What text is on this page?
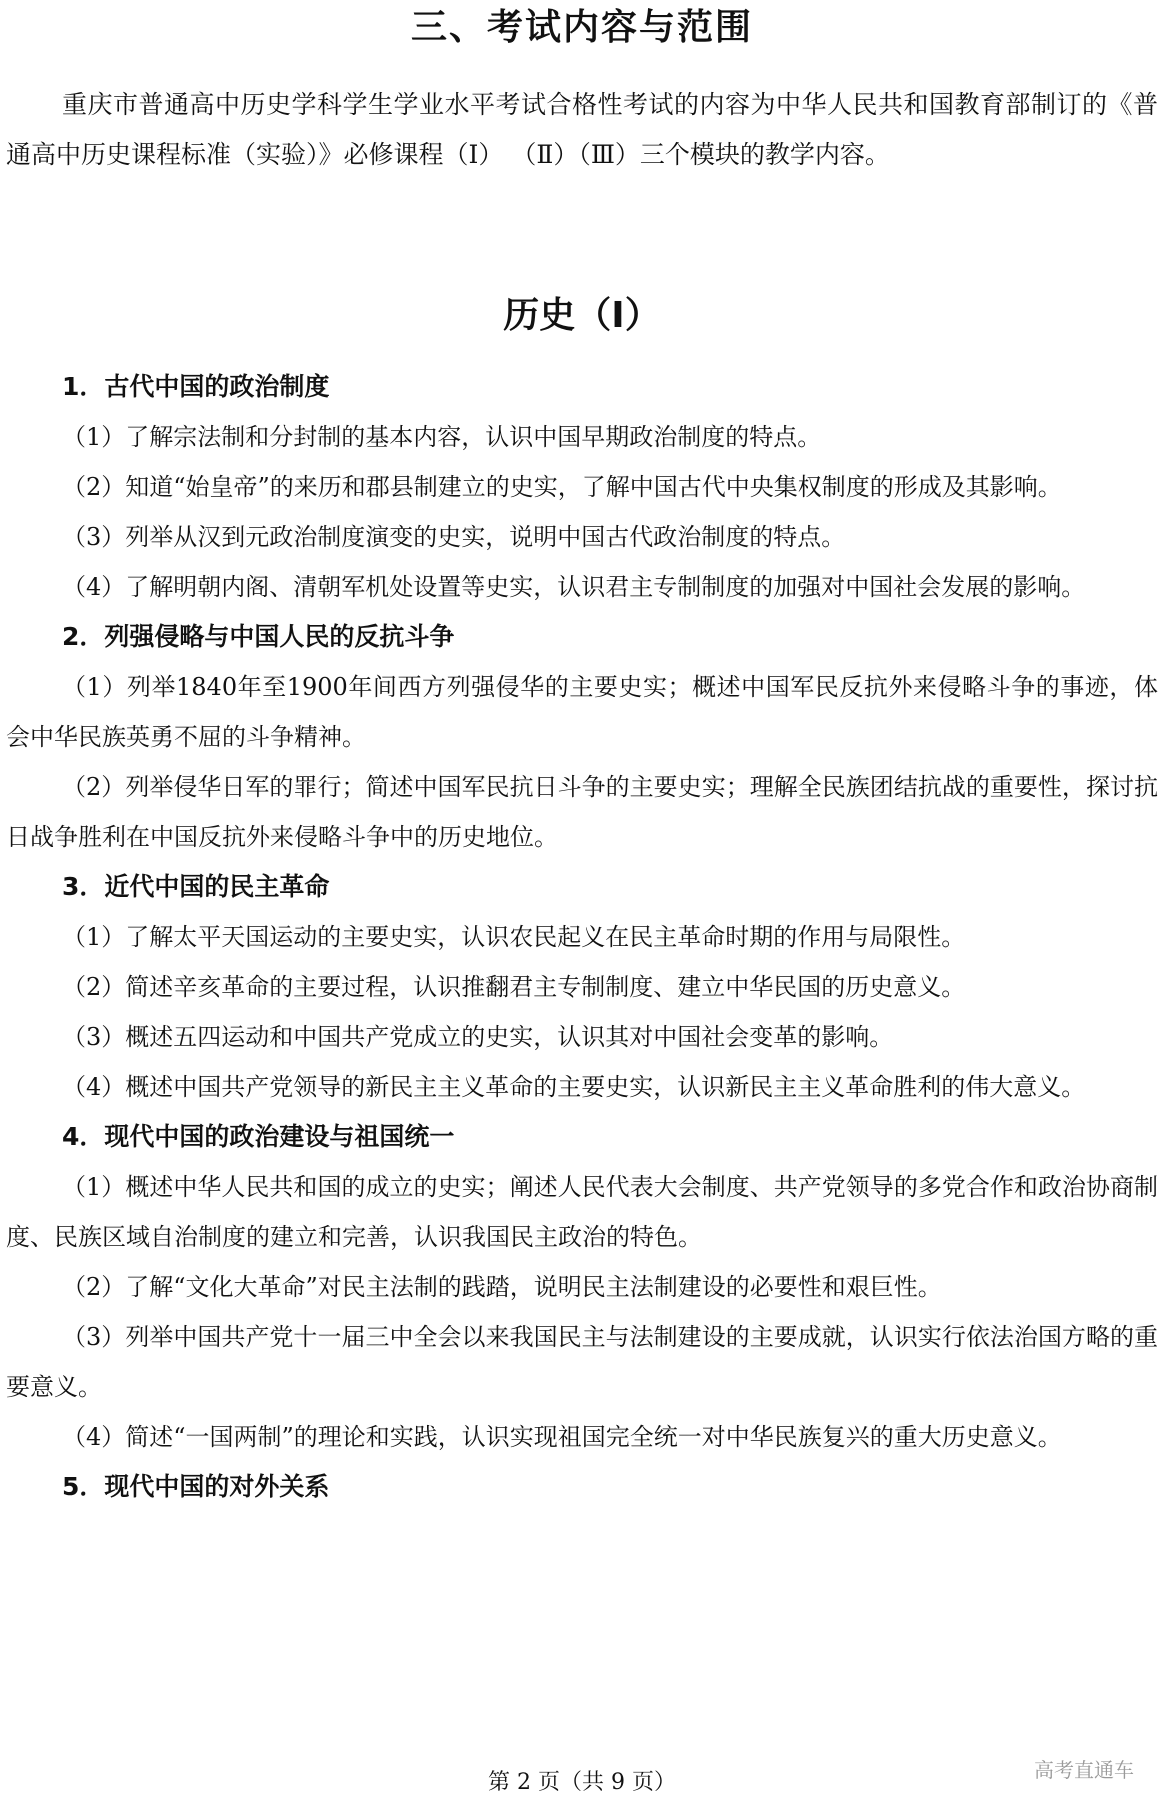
三、考试内容与范围

重庆市普通高中历史学科学生学业水平考试合格性考试的内容为中华人民共和国教育部制订的《普通高中历史课程标准（实验）》必修课程（Ⅰ） （Ⅱ）（Ⅲ）三个模块的教学内容。

历史（Ⅰ）

1．古代中国的政治制度

（1）了解宗法制和分封制的基本内容，认识中国早期政治制度的特点。

（2）知道“始皇帝”的来历和郡县制建立的史实，了解中国古代中央集权制度的形成及其影响。

（3）列举从汉到元政治制度演变的史实，说明中国古代政治制度的特点。

（4）了解明朝内阁、清朝军机处设置等史实，认识君主专制制度的加强对中国社会发展的影响。

2．列强侵略与中国人民的反抗斗争

（1）列举1840年至1900年间西方列强侵华的主要史实；概述中国军民反抗外来侵略斗争的事迹，体会中华民族英勇不屈的斗争精神。

（2）列举侵华日军的罪行；简述中国军民抗日斗争的主要史实；理解全民族团结抗战的重要性，探讨抗日战争胜利在中国反抗外来侵略斗争中的历史地位。

3．近代中国的民主革命

（1）了解太平天国运动的主要史实，认识农民起义在民主革命时期的作用与局限性。

（2）简述辛亥革命的主要过程，认识推翻君主专制制度、建立中华民国的历史意义。

（3）概述五四运动和中国共产党成立的史实，认识其对中国社会变革的影响。

（4）概述中国共产党领导的新民主主义革命的主要史实，认识新民主主义革命胜利的伟大意义。

4．现代中国的政治建设与祖国统一

（1）概述中华人民共和国的成立的史实；阐述人民代表大会制度、共产党领导的多党合作和政治协商制度、民族区域自治制度的建立和完善，认识我国民主政治的特色。

（2）了解“文化大革命”对民主法制的践踏，说明民主法制建设的必要性和艰巨性。

（3）列举中国共产党十一届三中全会以来我国民主与法制建设的主要成就，认识实行依法治国方略的重要意义。

（4）简述“一国两制”的理论和实践，认识实现祖国完全统一对中华民族复兴的重大历史意义。

5．现代中国的对外关系

第 2 页（共 9 页）	高考直通车
